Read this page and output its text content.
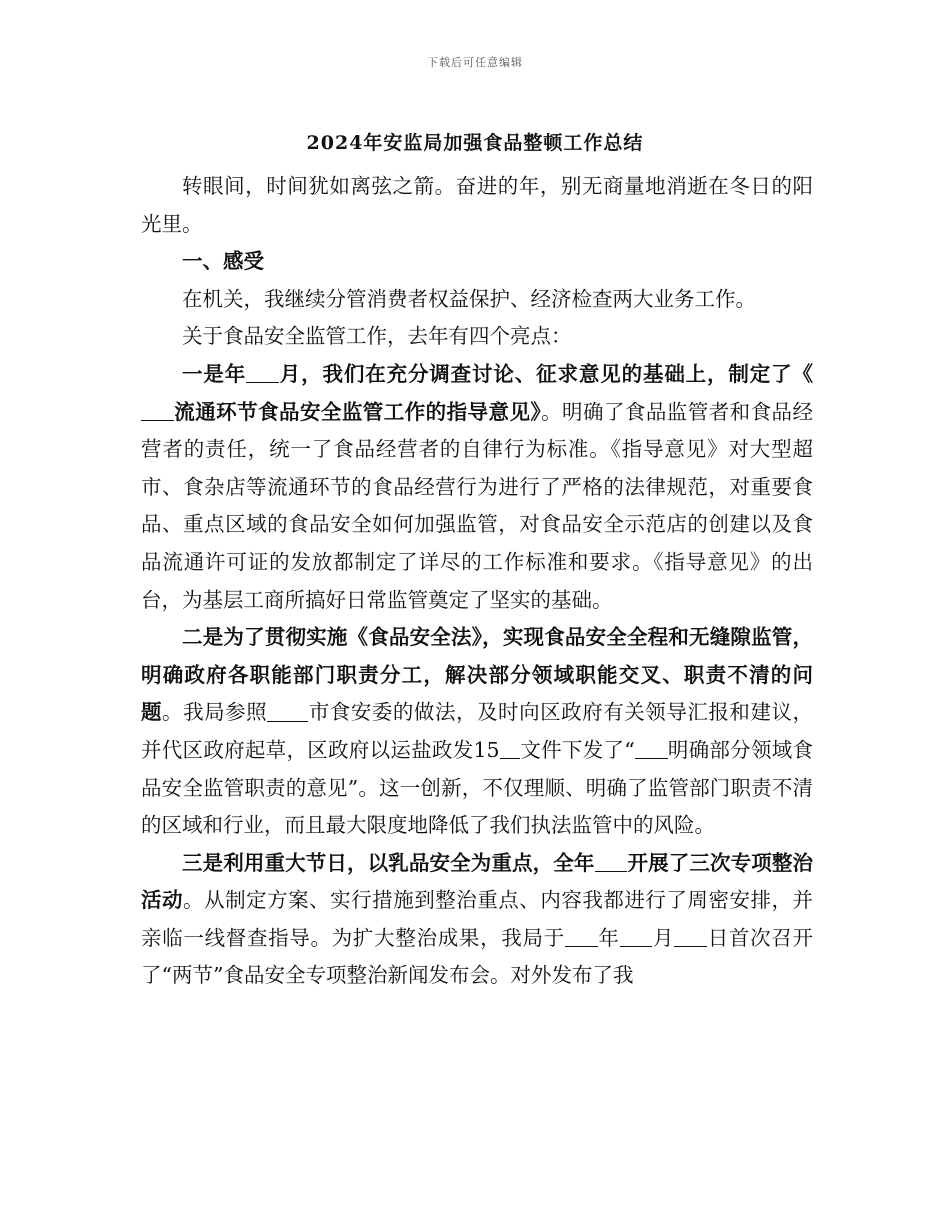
下载后可任意编辑
2024年安监局加强食品整顿工作总结

转眼间，时间犹如离弦之箭。奋进的年，别无商量地消逝在冬日的阳光里。

一、感受

在机关，我继续分管消费者权益保护、经济检查两大业务工作。

关于食品安全监管工作，去年有四个亮点：

一是年 月，我们在充分调查讨论、征求意见的基础上，制定了《流通环节食品安全监管工作的指导意见》。明确了食品监管者和食品经营者的责任，统一了食品经营者的自律行为标准。《指导意见》对大型超市、食杂店等流通环节的食品经营行为进行了严格的法律规范，对重要食品、重点区域的食品安全如何加强监管，对食品安全示范店的创建以及食品流通许可证的发放都制定了详尽的工作标准和要求。《指导意见》的出台，为基层工商所搞好日常监管奠定了坚实的基础。

二是为了贯彻实施《食品安全法》，实现食品安全全程和无缝隙监管，明确政府各职能部门职责分工，解决部分领域职能交叉、职责不清的问题。我局参照 市食安委的做法，及时向区政府有关领导汇报和建议，并代区政府起草，区政府以运盐政发15 文件下发了“ 明确部分领域食品安全监管职责的意见”。这一创新，不仅理顺、明确了监管部门职责不清的区域和行业，而且最大限度地降低了我们执法监管中的风险。

三是利用重大节日，以乳品安全为重点，全年 开展了三次专项整治活动。从制定方案、实行措施到整治重点、内容我都进行了周密安排，并亲临一线督查指导。为扩大整治成果，我局于 年 月 日首次召开了“两节”食品安全专项整治新闻发布会。对外发布了我
